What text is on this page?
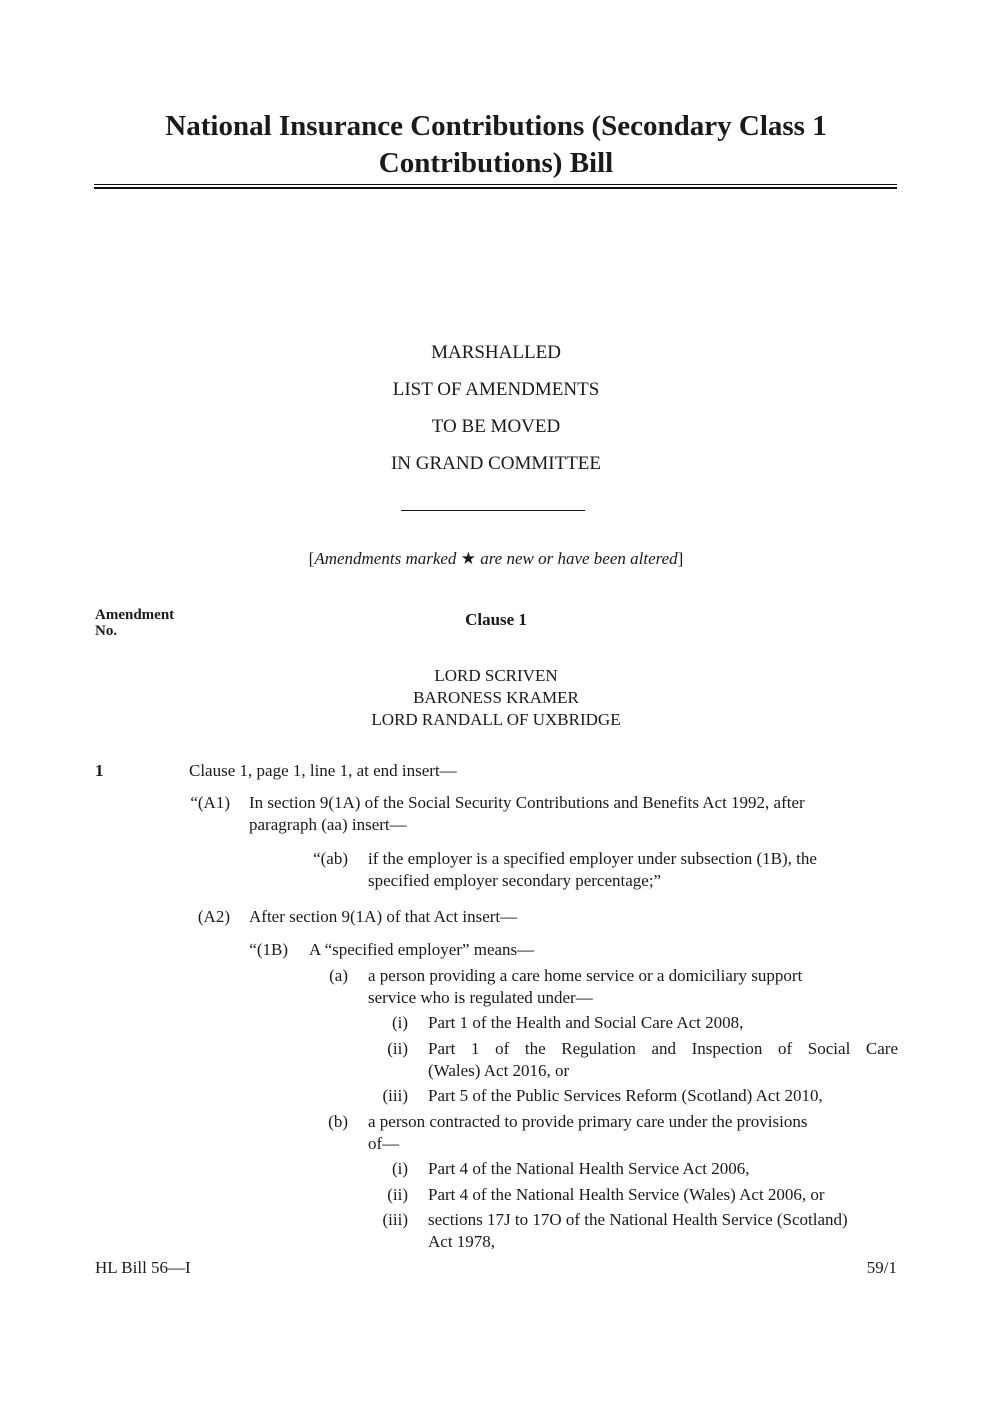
National Insurance Contributions (Secondary Class 1
Contributions) Bill
MARSHALLED
LIST OF AMENDMENTS
TO BE MOVED
IN GRAND COMMITTEE
[Amendments marked ★ are new or have been altered]
Amendment
No.
Clause 1
LORD SCRIVEN
BARONESS KRAMER
LORD RANDALL OF UXBRIDGE
1	Clause 1, page 1, line 1, at end insert—
“(A1) In section 9(1A) of the Social Security Contributions and Benefits Act 1992, after
paragraph (aa) insert—
“(ab) if the employer is a specified employer under subsection (1B), the
specified employer secondary percentage;”
(A2) After section 9(1A) of that Act insert—
“(1B) A “specified employer” means—
(a) a person providing a care home service or a domiciliary support
service who is regulated under—
(i) Part 1 of the Health and Social Care Act 2008,
(ii) Part 1 of the Regulation and Inspection of Social Care
(Wales) Act 2016, or
(iii) Part 5 of the Public Services Reform (Scotland) Act 2010,
(b) a person contracted to provide primary care under the provisions
of—
(i) Part 4 of the National Health Service Act 2006,
(ii) Part 4 of the National Health Service (Wales) Act 2006, or
(iii) sections 17J to 17O of the National Health Service (Scotland)
Act 1978,
HL Bill 56—I	59/1
